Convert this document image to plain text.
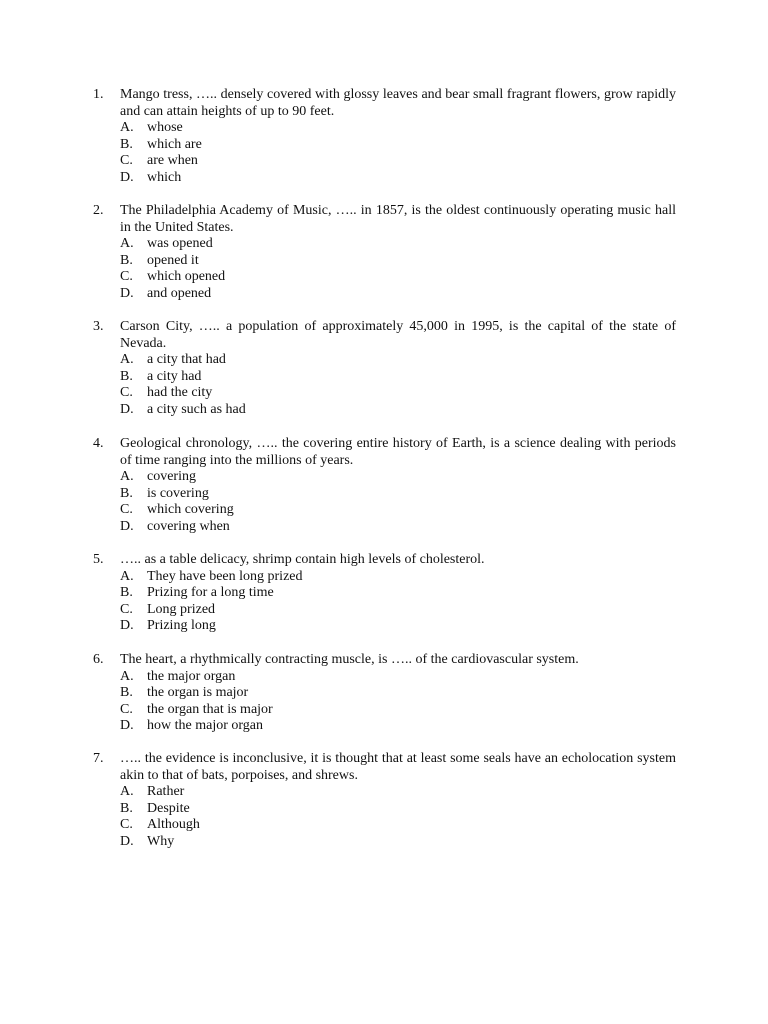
1. Mango tress, ….. densely covered with glossy leaves and bear small fragrant flowers, grow rapidly and can attain heights of up to 90 feet.

A. whose
B. which are
C. are when
D. which
2. The Philadelphia Academy of Music, ….. in 1857, is the oldest continuously operating music hall in the United States.

A. was opened
B. opened it
C. which opened
D. and opened
3. Carson City, ….. a population of approximately 45,000 in 1995, is the capital of the state of Nevada.

A. a city that had
B. a city had
C. had the city
D. a city such as had
4. Geological chronology, ….. the covering entire history of Earth, is a science dealing with periods of time ranging into the millions of years.

A. covering
B. is covering
C. which covering
D. covering when
5. ….. as a table delicacy, shrimp contain high levels of cholesterol.

A. They have been long prized
B. Prizing for a long time
C. Long prized
D. Prizing long
6. The heart, a rhythmically contracting muscle, is ….. of the cardiovascular system.

A. the major organ
B. the organ is major
C. the organ that is major
D. how the major organ
7. ….. the evidence is inconclusive, it is thought that at least some seals have an echolocation system akin to that of bats, porpoises, and shrews.

A. Rather
B. Despite
C. Although
D. Why
